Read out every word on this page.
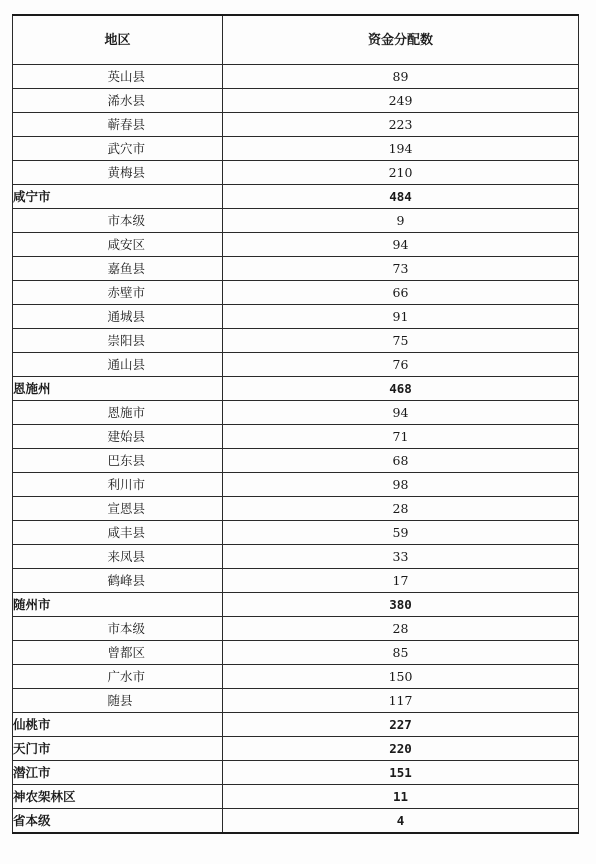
地区	资金分配数
英山县	89
浠水县	249
蕲春县	223
武穴市	194
黄梅县	210
咸宁市	484
市本级	9
咸安区	94
嘉鱼县	73
赤壁市	66
通城县	91
崇阳县	75
通山县	76
恩施州	468
恩施市	94
建始县	71
巴东县	68
利川市	98
宣恩县	28
咸丰县	59
来凤县	33
鹤峰县	17
随州市	380
市本级	28
曾都区	85
广水市	150
随县	117
仙桃市	227
天门市	220
潜江市	151
神农架林区	11
省本级	4
